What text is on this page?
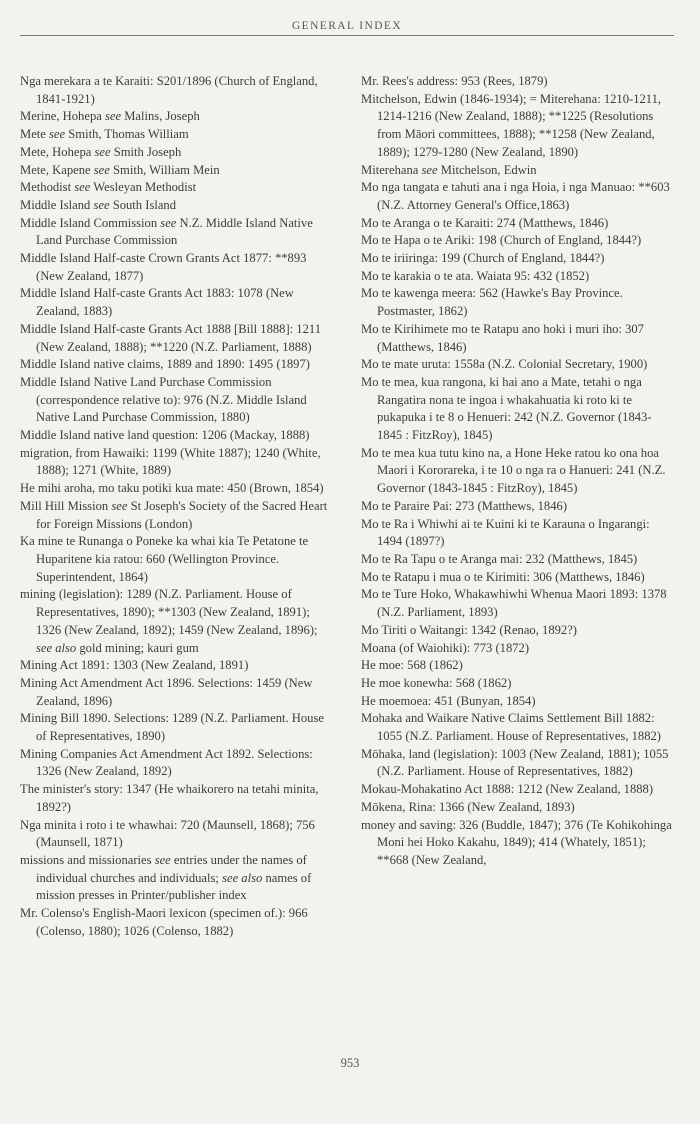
GENERAL INDEX

Nga merekara a te Karaiti: S201/1896 (Church of England, 1841-1921)

Merine, Hohepa see Malins, Joseph

Mete see Smith, Thomas William

Mete, Hohepa see Smith Joseph

Mete, Kapene see Smith, William Mein

Methodist see Wesleyan Methodist

Middle Island see South Island

Middle Island Commission see N.Z. Middle Island Native Land Purchase Commission

Middle Island Half-caste Crown Grants Act 1877: **893 (New Zealand, 1877)

Middle Island Half-caste Grants Act 1883: 1078 (New Zealand, 1883)

Middle Island Half-caste Grants Act 1888 [Bill 1888]: 1211 (New Zealand, 1888); **1220 (N.Z. Parliament, 1888)

Middle Island native claims, 1889 and 1890: 1495 (1897)

Middle Island Native Land Purchase Commission (correspondence relative to): 976 (N.Z. Middle Island Native Land Purchase Commission, 1880)

Middle Island native land question: 1206 (Mackay, 1888)

migration, from Hawaiki: 1199 (White 1887); 1240 (White, 1888); 1271 (White, 1889)

He mihi aroha, mo taku potiki kua mate: 450 (Brown, 1854)

Mill Hill Mission see St Joseph's Society of the Sacred Heart for Foreign Missions (London)

Ka mine te Runanga o Poneke ka whai kia Te Petatone te Huparitene kia ratou: 660 (Wellington Province. Superintendent, 1864)

mining (legislation): 1289 (N.Z. Parliament. House of Representatives, 1890); **1303 (New Zealand, 1891); 1326 (New Zealand, 1892); 1459 (New Zealand, 1896); see also gold mining; kauri gum

Mining Act 1891: 1303 (New Zealand, 1891)

Mining Act Amendment Act 1896. Selections: 1459 (New Zealand, 1896)

Mining Bill 1890. Selections: 1289 (N.Z. Parliament. House of Representatives, 1890)

Mining Companies Act Amendment Act 1892. Selections: 1326 (New Zealand, 1892)

The minister's story: 1347 (He whaikorero na tetahi minita, 1892?)

Nga minita i roto i te whawhai: 720 (Maunsell, 1868); 756 (Maunsell, 1871)

missions and missionaries see entries under the names of individual churches and individuals; see also names of mission presses in Printer/publisher index

Mr. Colenso's English-Maori lexicon (specimen of.): 966 (Colenso, 1880); 1026 (Colenso, 1882)

Mr. Rees's address: 953 (Rees, 1879)

Mitchelson, Edwin (1846-1934); = Miterehana: 1210-1211, 1214-1216 (New Zealand, 1888); **1225 (Resolutions from Māori committees, 1888); **1258 (New Zealand, 1889); 1279-1280 (New Zealand, 1890)

Miterehana see Mitchelson, Edwin

Mo nga tangata e tahuti ana i nga Hoia, i nga Manuao: **603 (N.Z. Attorney General's Office,1863)

Mo te Aranga o te Karaiti: 274 (Matthews, 1846)

Mo te Hapa o te Ariki: 198 (Church of England, 1844?)

Mo te iriiringa: 199 (Church of England, 1844?)

Mo te karakia o te ata. Waiata 95: 432 (1852)

Mo te kawenga meera: 562 (Hawke's Bay Province. Postmaster, 1862)

Mo te Kirihimete mo te Ratapu ano hoki i muri iho: 307 (Matthews, 1846)

Mo te mate uruta: 1558a (N.Z. Colonial Secretary, 1900)

Mo te mea, kua rangona, ki hai ano a Mate, tetahi o nga Rangatira nona te ingoa i whakahuatia ki roto ki te pukapuka i te 8 o Henueri: 242 (N.Z. Governor (1843-1845 : FitzRoy), 1845)

Mo te mea kua tutu kino na, a Hone Heke ratou ko ona hoa Maori i Kororareka, i te 10 o nga ra o Hanueri: 241 (N.Z. Governor (1843-1845 : FitzRoy), 1845)

Mo te Paraire Pai: 273 (Matthews, 1846)

Mo te Ra i Whiwhi ai te Kuini ki te Karauna o Ingarangi: 1494 (1897?)

Mo te Ra Tapu o te Aranga mai: 232 (Matthews, 1845)

Mo te Ratapu i mua o te Kirimiti: 306 (Matthews, 1846)

Mo te Ture Hoko, Whakawhiwhi Whenua Maori 1893: 1378 (N.Z. Parliament, 1893)

Mo Tiriti o Waitangi: 1342 (Renao, 1892?)

Moana (of Waiohiki): 773 (1872)

He moe: 568 (1862)

He moe konewha: 568 (1862)

He moemoea: 451 (Bunyan, 1854)

Mohaka and Waikare Native Claims Settlement Bill 1882: 1055 (N.Z. Parliament. House of Representatives, 1882)

Mōhaka, land (legislation): 1003 (New Zealand, 1881); 1055 (N.Z. Parliament. House of Representatives, 1882)

Mokau-Mohakatino Act 1888: 1212 (New Zealand, 1888)

Mōkena, Rina: 1366 (New Zealand, 1893)

money and saving: 326 (Buddle, 1847); 376 (Te Kohikohinga Moni hei Hoko Kakahu, 1849); 414 (Whately, 1851); **668 (New Zealand,

953
